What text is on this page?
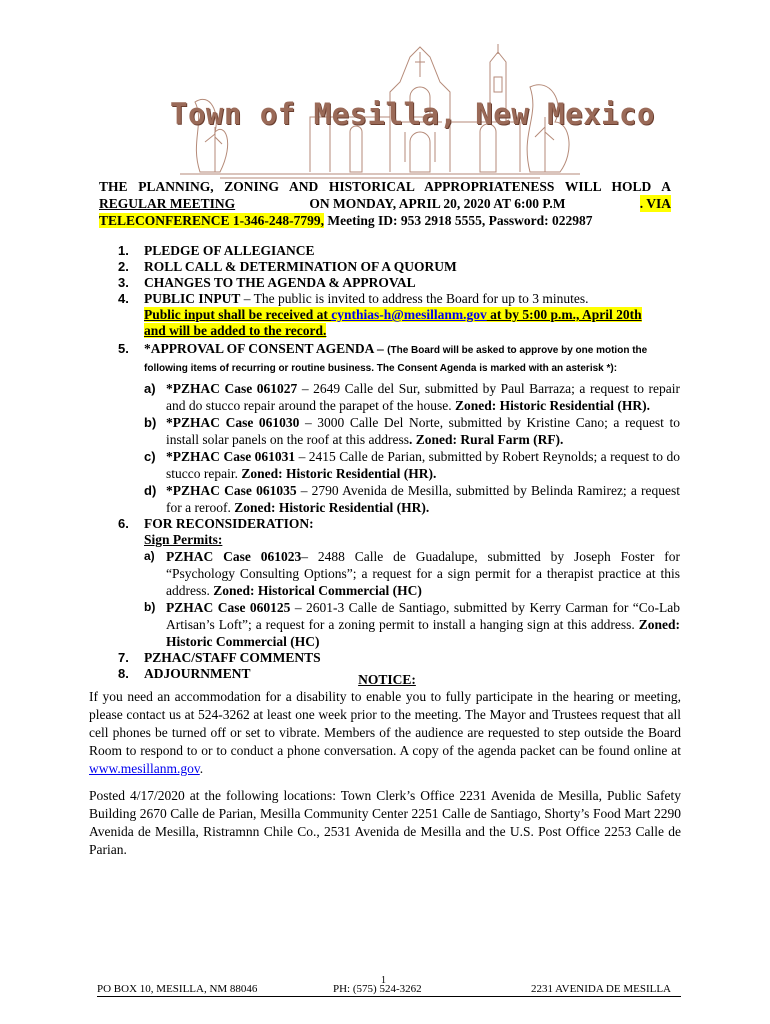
Town of Mesilla, New Mexico
THE PLANNING, ZONING AND HISTORICAL APPROPRIATENESS WILL HOLD A
REGULAR MEETING	ON MONDAY, APRIL 20, 2020 AT 6:00 P.M	. VIA
TELECONFERENCE 1-346-248-7799, Meeting ID: 953 2918 5555, Password: 022987
1. PLEDGE OF ALLEGIANCE
2. ROLL CALL & DETERMINATION OF A QUORUM
3. CHANGES TO THE AGENDA & APPROVAL
4. PUBLIC INPUT – The public is invited to address the Board for up to 3 minutes.
Public input shall be received at cynthias-h@mesillanm.gov at by 5:00 p.m., April 20th
and will be added to the record.
5. *APPROVAL OF CONSENT AGENDA – (The Board will be asked to approve by one motion the following items of recurring or routine business. The Consent Agenda is marked with an asterisk *):
a) *PZHAC Case 061027 – 2649 Calle del Sur, submitted by Paul Barraza; a request to repair and do stucco repair around the parapet of the house. Zoned: Historic Residential (HR).
b) *PZHAC Case 061030 – 3000 Calle Del Norte, submitted by Kristine Cano; a request to install solar panels on the roof at this address. Zoned: Rural Farm (RF).
c) *PZHAC Case 061031 – 2415 Calle de Parian, submitted by Robert Reynolds; a request to do stucco repair. Zoned: Historic Residential (HR).
d) *PZHAC Case 061035 – 2790 Avenida de Mesilla, submitted by Belinda Ramirez; a request for a reroof. Zoned: Historic Residential (HR).
6. FOR RECONSIDERATION:
Sign Permits:
a) PZHAC Case 061023– 2488 Calle de Guadalupe, submitted by Joseph Foster for “Psychology Consulting Options”; a request for a sign permit for a therapist practice at this address. Zoned: Historical Commercial (HC)
b) PZHAC Case 060125 – 2601-3 Calle de Santiago, submitted by Kerry Carman for “Co-Lab Artisan’s Loft”; a request for a zoning permit to install a hanging sign at this address. Zoned: Historic Commercial (HC)
7. PZHAC/STAFF COMMENTS
8. ADJOURNMENT	NOTICE:
If you need an accommodation for a disability to enable you to fully participate in the hearing or meeting, please contact us at 524-3262 at least one week prior to the meeting. The Mayor and Trustees request that all cell phones be turned off or set to vibrate. Members of the audience are requested to step outside the Board Room to respond to or to conduct a phone conversation. A copy of the agenda packet can be found online at www.mesillanm.gov.
Posted 4/17/2020 at the following locations: Town Clerk’s Office 2231 Avenida de Mesilla, Public Safety Building 2670 Calle de Parian, Mesilla Community Center 2251 Calle de Santiago, Shorty’s Food Mart 2290 Avenida de Mesilla, Ristramnn Chile Co., 2531 Avenida de Mesilla and the U.S. Post Office 2253 Calle de Parian.
1
PO BOX 10, MESILLA, NM 88046	PH: (575) 524-3262	2231 AVENIDA DE MESILLA
